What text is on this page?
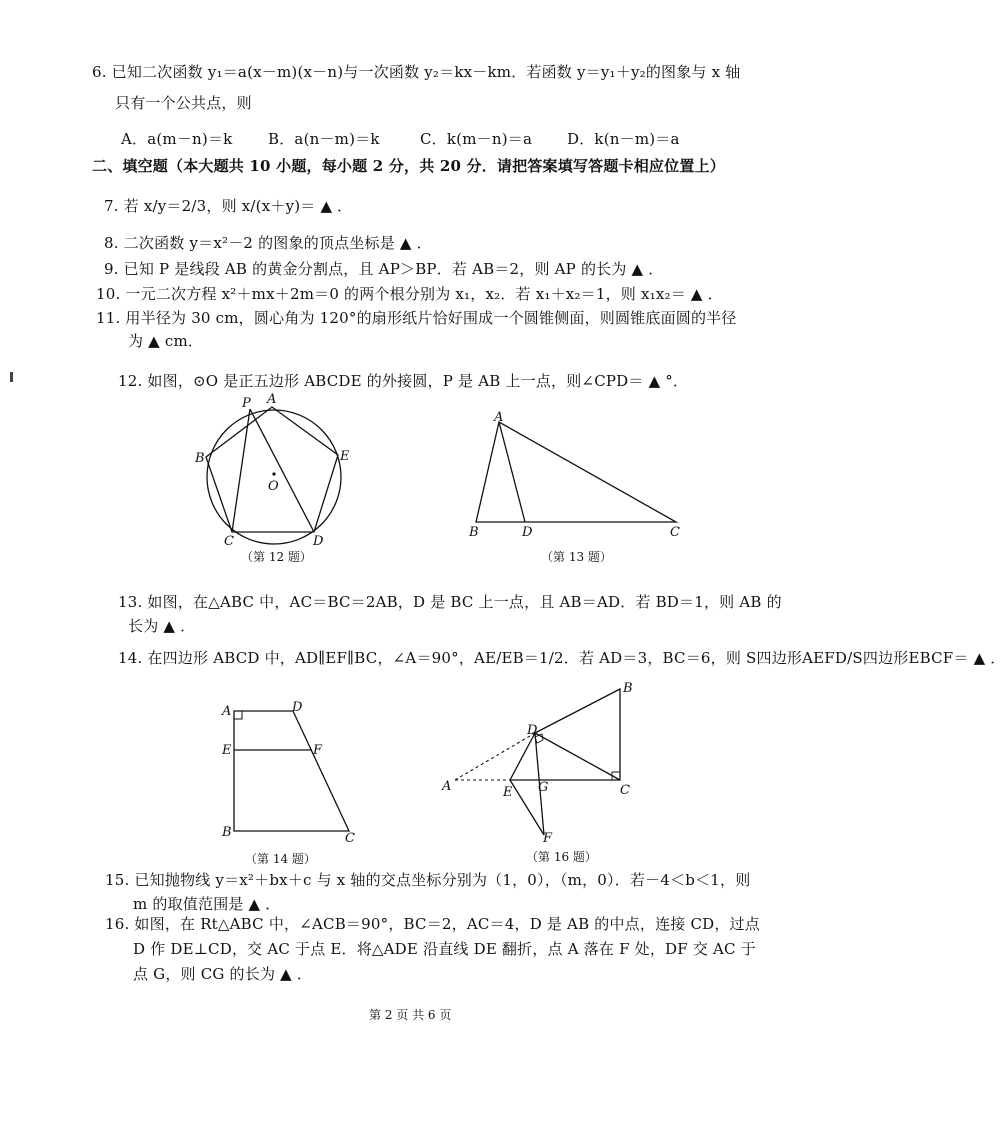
6. 已知二次函数 y₁＝a(x－m)(x－n)与一次函数 y₂＝kx－km．若函数 y＝y₁＋y₂的图象与 x 轴
只有一个公共点，则
A．a(m－n)＝k B．a(n－m)＝k	C．k(m－n)＝a D．k(n－m)＝a
二、填空题（本大题共 10 小题，每小题 2 分，共 20 分．请把答案填写答题卡相应位置上）
7. 若 x/y＝2/3，则 x/(x＋y)＝ ▲ ．
8. 二次函数 y＝x²－2 的图象的顶点坐标是 ▲ ．
9. 已知 P 是线段 AB 的黄金分割点，且 AP＞BP．若 AB＝2，则 AP 的长为 ▲ ．
10. 一元二次方程 x²＋mx＋2m＝0 的两个根分别为 x₁，x₂．若 x₁＋x₂＝1，则 x₁x₂＝ ▲ ．
11. 用半径为 30 cm，圆心角为 120°的扇形纸片恰好围成一个圆锥侧面，则圆锥底面圆的半径
为 ▲ cm．
12. 如图，⊙O 是正五边形 ABCDE 的外接圆，P 是 AB 上一点，则∠CPD＝ ▲ °．
P A
B	E
O
C	D
（第 12 题）
A
B	D	C
（第 13 题）
13. 如图，在△ABC 中，AC＝BC＝2AB，D 是 BC 上一点，且 AB＝AD．若 BD＝1，则 AB 的
长为 ▲ ．
14. 在四边形 ABCD 中，AD∥EF∥BC，∠A＝90°，AE/EB＝1/2．若 AD＝3，BC＝6，则 S四边形AEFD/S四边形EBCF＝ ▲ ．
A	D
E	F
B	C
（第 14 题）
A
B
C
D
E
F
G
（第 16 题）
15. 已知抛物线 y＝x²＋bx＋c 与 x 轴的交点坐标分别为（1，0），（m，0）．若－4＜b＜1，则
m 的取值范围是 ▲ ．
16. 如图，在 Rt△ABC 中，∠ACB＝90°，BC＝2，AC＝4，D 是 AB 的中点，连接 CD，过点
D 作 DE⊥CD，交 AC 于点 E．将△ADE 沿直线 DE 翻折，点 A 落在 F 处，DF 交 AC 于
点 G，则 CG 的长为 ▲ ．
第 2 页 共 6 页
